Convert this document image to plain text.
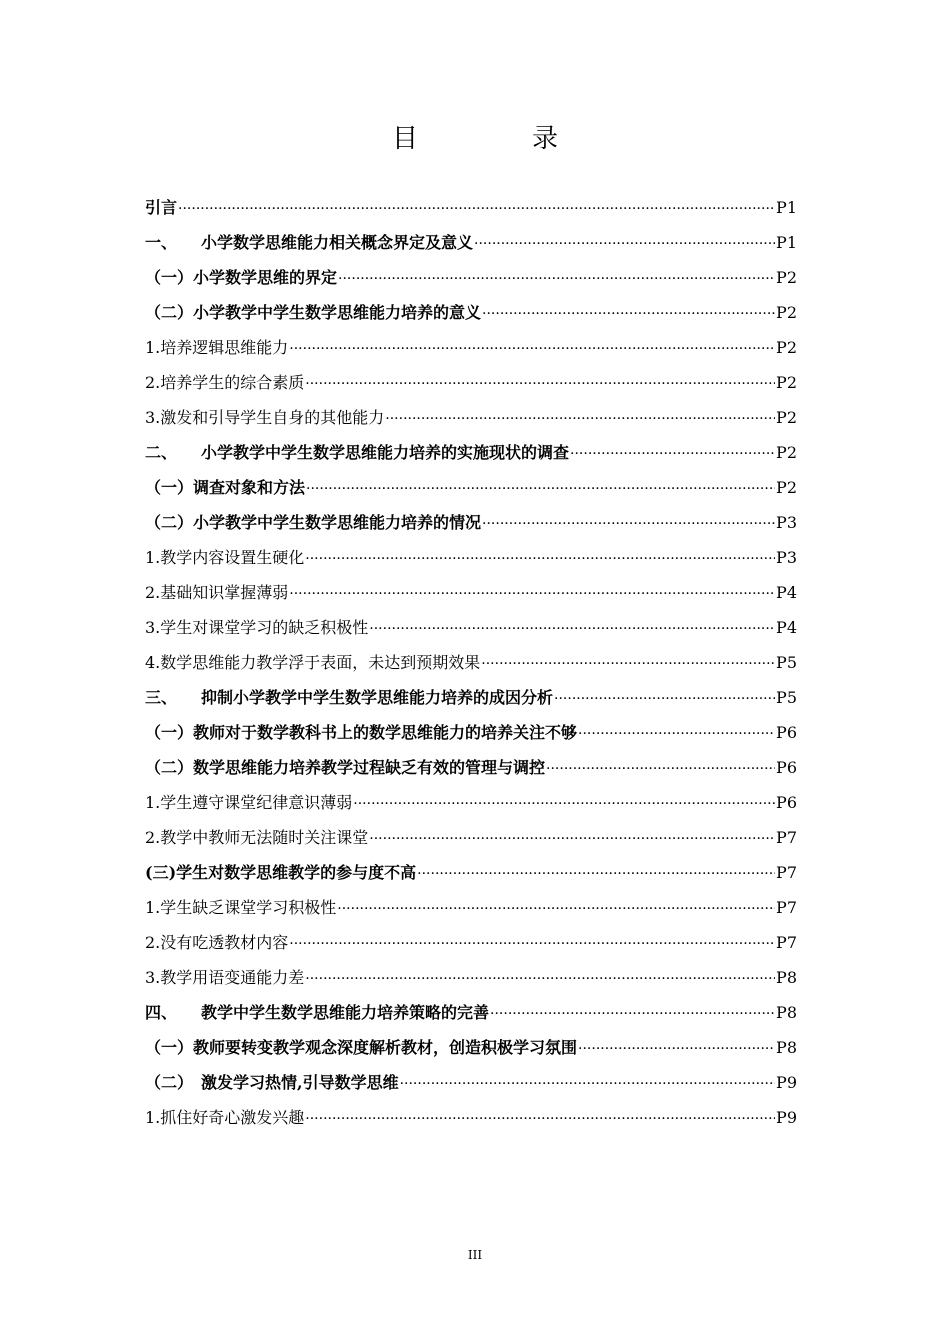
目　录
引言 ·····	P1
一、　　小学数学思维能力相关概念界定及意义 ·····	P1
（一）小学数学思维的界定 ·····	P2
（二）小学教学中学生数学思维能力培养的意义 ·····	P2
1.培养逻辑思维能力 ·····	P2
2.培养学生的综合素质 ·····	P2
3.激发和引导学生自身的其他能力 ·····	P2
二、　　小学教学中学生数学思维能力培养的实施现状的调查 ·····	P2
（一）调查对象和方法 ·····	P2
（二）小学教学中学生数学思维能力培养的情况 ·····	P3
1.教学内容设置生硬化 ·····	P3
2.基础知识掌握薄弱 ·····	P4
3.学生对课堂学习的缺乏积极性 ·····	P4
4.数学思维能力教学浮于表面，未达到预期效果 ·····	P5
三、　　抑制小学教学中学生数学思维能力培养的成因分析 ·····	P5
（一）教师对于数学教科书上的数学思维能力的培养关注不够 ·····	P6
（二）数学思维能力培养教学过程缺乏有效的管理与调控 ·····	P6
1.学生遵守课堂纪律意识薄弱 ·····	P6
2.教学中教师无法随时关注课堂 ·····	P7
(三)学生对数学思维教学的参与度不高 ·····	P7
1.学生缺乏课堂学习积极性 ·····	P7
2.没有吃透教材内容 ·····	P7
3.教学用语变通能力差 ·····	P8
四、　　教学中学生数学思维能力培养策略的完善 ·····	P8
（一）教师要转变教学观念深度解析教材，创造积极学习氛围 ·····	P8
（二）　激发学习热情,引导数学思维 ·····	P9
1.抓住好奇心激发兴趣 ·····	P9
III
